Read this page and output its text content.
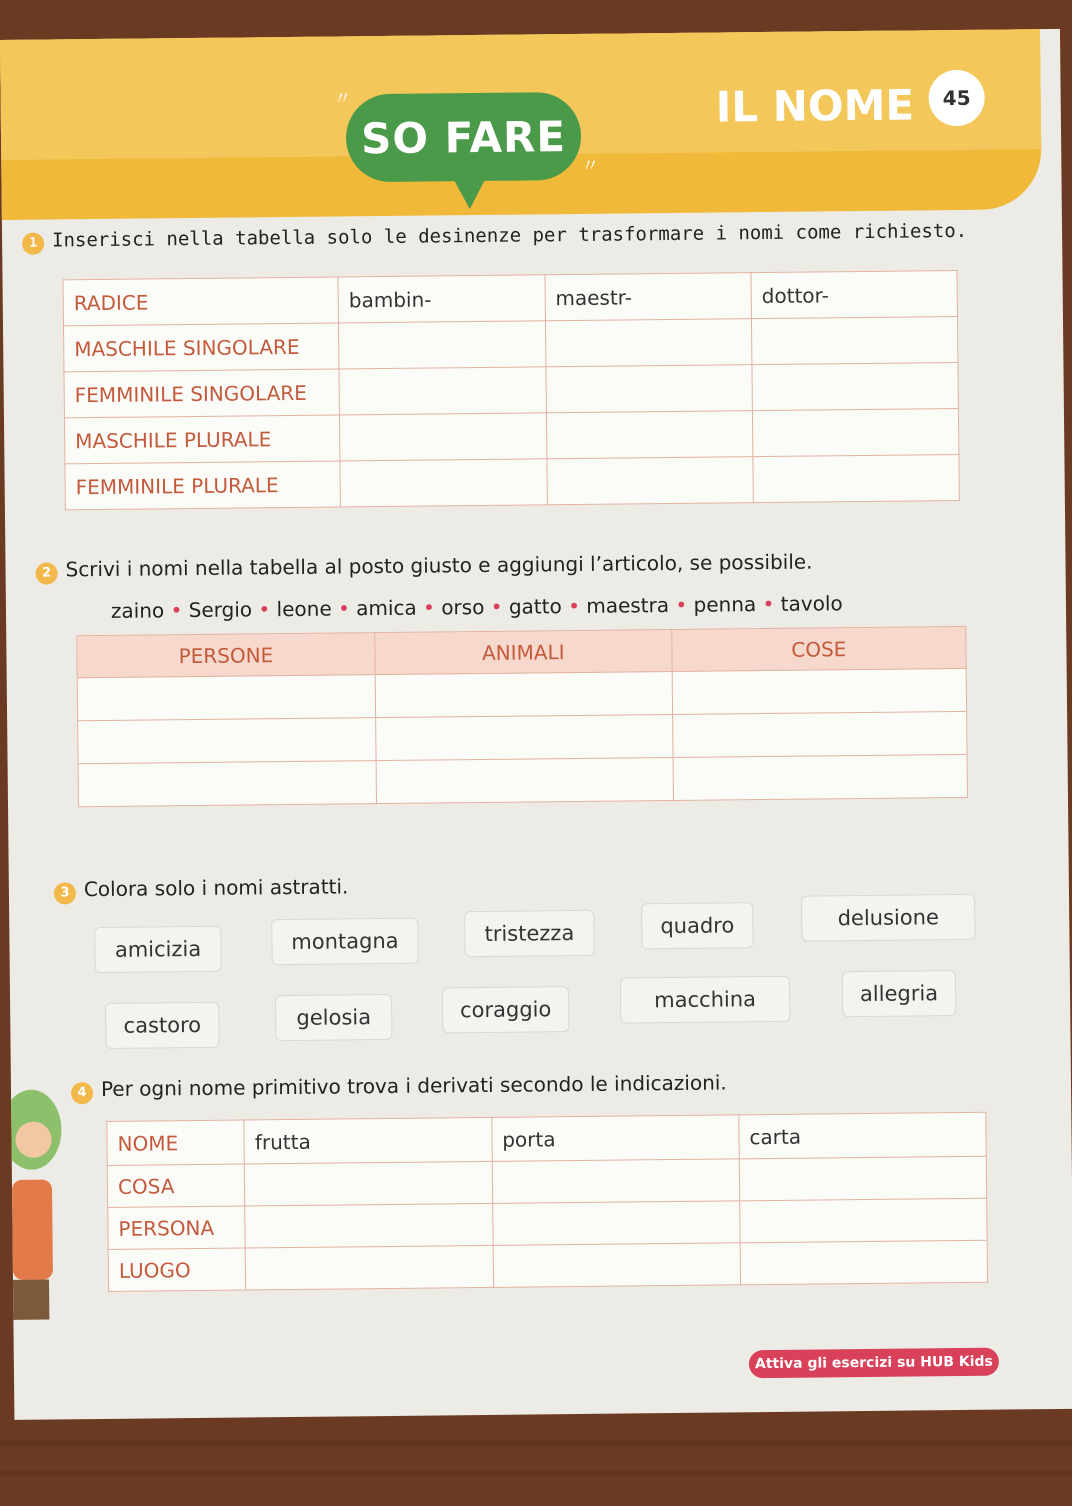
SO FARE
〃
〃
IL NOME	45
1 Inserisci nella tabella solo le desinenze per trasformare i nomi come richiesto.
RADICE	bambin-	maestr-	dottor-
MASCHILE SINGOLARE			
FEMMINILE SINGOLARE			
MASCHILE PLURALE			
FEMMINILE PLURALE			
2 Scrivi i nomi nella tabella al posto giusto e aggiungi l’articolo, se possibile.
zaino • Sergio • leone • amica • orso • gatto • maestra • penna • tavolo
PERSONE	ANIMALI	COSE

3 Colora solo i nomi astratti.
amicizia	montagna	tristezza	quadro	delusione
castoro	gelosia	coraggio	macchina	allegria
4 Per ogni nome primitivo trova i derivati secondo le indicazioni.
NOME	frutta	porta	carta
COSA			
PERSONA			
LUOGO			
Attiva gli esercizi su HUB Kids
